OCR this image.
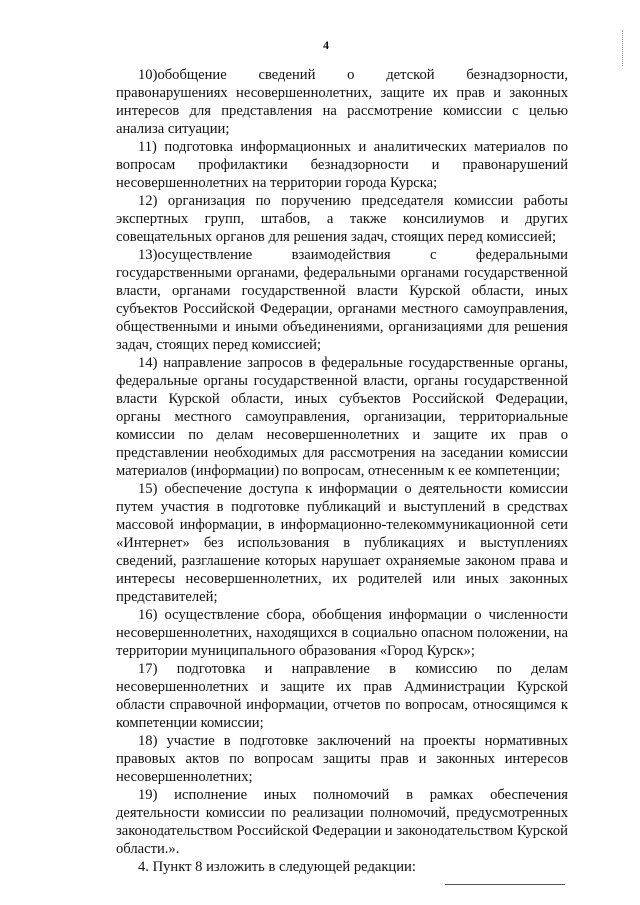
4

10)обобщение сведений о детской безнадзорности, правонарушениях несовершеннолетних, защите их прав и законных интересов для представления на рассмотрение комиссии с целью анализа ситуации;

11) подготовка информационных и аналитических материалов по вопросам профилактики безнадзорности и правонарушений несовершеннолетних на территории города Курска;

12) организация по поручению председателя комиссии работы экспертных групп, штабов, а также консилиумов и других совещательных органов для решения задач, стоящих перед комиссией;

13)осуществление взаимодействия с федеральными государственными органами, федеральными органами государственной власти, органами государственной власти Курской области, иных субъектов Российской Федерации, органами местного самоуправления, общественными и иными объединениями, организациями для решения задач, стоящих перед комиссией;

14) направление запросов в федеральные государственные органы, федеральные органы государственной власти, органы государственной власти Курской области, иных субъектов Российской Федерации, органы местного самоуправления, организации, территориальные комиссии по делам несовершеннолетних и защите их прав о представлении необходимых для рассмотрения на заседании комиссии материалов (информации) по вопросам, отнесенным к ее компетенции;

15) обеспечение доступа к информации о деятельности комиссии путем участия в подготовке публикаций и выступлений в средствах массовой информации, в информационно-телекоммуникационной сети «Интернет» без использования в публикациях и выступлениях сведений, разглашение которых нарушает охраняемые законом права и интересы несовершеннолетних, их родителей или иных законных представителей;

16) осуществление сбора, обобщения информации о численности несовершеннолетних, находящихся в социально опасном положении, на территории муниципального образования «Город Курск»;

17) подготовка и направление в комиссию по делам несовершеннолетних и защите их прав Администрации Курской области справочной информации, отчетов по вопросам, относящимся к компетенции комиссии;

18) участие в подготовке заключений на проекты нормативных правовых актов по вопросам защиты прав и законных интересов несовершеннолетних;

19) исполнение иных полномочий в рамках обеспечения деятельности комиссии по реализации полномочий, предусмотренных законодательством Российской Федерации и законодательством Курской области.».

4. Пункт 8 изложить в следующей редакции:
